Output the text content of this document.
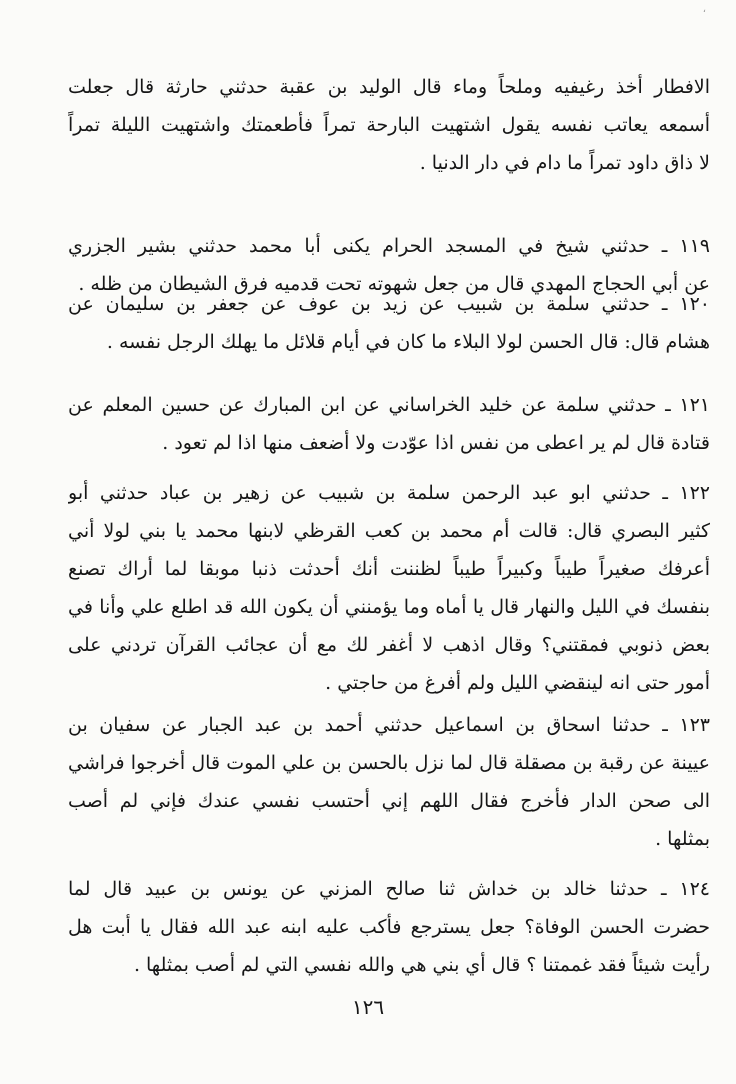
،
الافطار أخذ رغيفيه وملحاً وماء قال الوليد بن عقبة حدثني حارثة قال جعلت
أسمعه يعاتب نفسه يقول اشتهيت البارحة تمراً فأطعمتك واشتهيت الليلة تمراً
لا ذاق داود تمراً ما دام في دار الدنيا .
١١٩ ـ حدثني شيخ في المسجد الحرام يكنى أبا محمد حدثني بشير الجزري
عن أبي الحجاج المهدي قال من جعل شهوته تحت قدميه فرق الشيطان من ظله .
١٢٠ ـ حدثني سلمة بن شبيب عن زيد بن عوف عن جعفر بن سليمان عن
هشام قال: قال الحسن لولا البلاء ما كان في أيام قلائل ما يهلك الرجل نفسه .
١٢١ ـ حدثني سلمة عن خليد الخراساني عن ابن المبارك عن حسين المعلم عن
قتادة قال لم ير اعطى من نفس اذا عوّدت ولا أضعف منها اذا لم تعود .
١٢٢ ـ حدثني ابو عبد الرحمن سلمة بن شبيب عن زهير بن عباد حدثني أبو
كثير البصري قال: قالت أم محمد بن كعب القرظي لابنها محمد يا بني لولا أني
أعرفك صغيراً طيباً وكبيراً طيباً لظننت أنك أحدثت ذنبا موبقا لما أراك تصنع
بنفسك في الليل والنهار قال يا أماه وما يؤمنني أن يكون الله قد اطلع علي وأنا في
بعض ذنوبي فمقتني؟ وقال اذهب لا أغفر لك مع أن عجائب القرآن تردني على
أمور حتى انه لينقضي الليل ولم أفرغ من حاجتي .
١٢٣ ـ حدثنا اسحاق بن اسماعيل حدثني أحمد بن عبد الجبار عن سفيان بن
عيينة عن رقبة بن مصقلة قال لما نزل بالحسن بن علي الموت قال أخرجوا فراشي
الى صحن الدار فأخرج فقال اللهم إني أحتسب نفسي عندك فإني لم أصب
بمثلها .
١٢٤ ـ حدثنا خالد بن خداش ثنا صالح المزني عن يونس بن عبيد قال لما
حضرت الحسن الوفاة؟ جعل يسترجع فأكب عليه ابنه عبد الله فقال يا أبت هل
رأيت شيئاً فقد غممتنا ؟ قال أي بني هي والله نفسي التي لم أصب بمثلها .
١٢٦
